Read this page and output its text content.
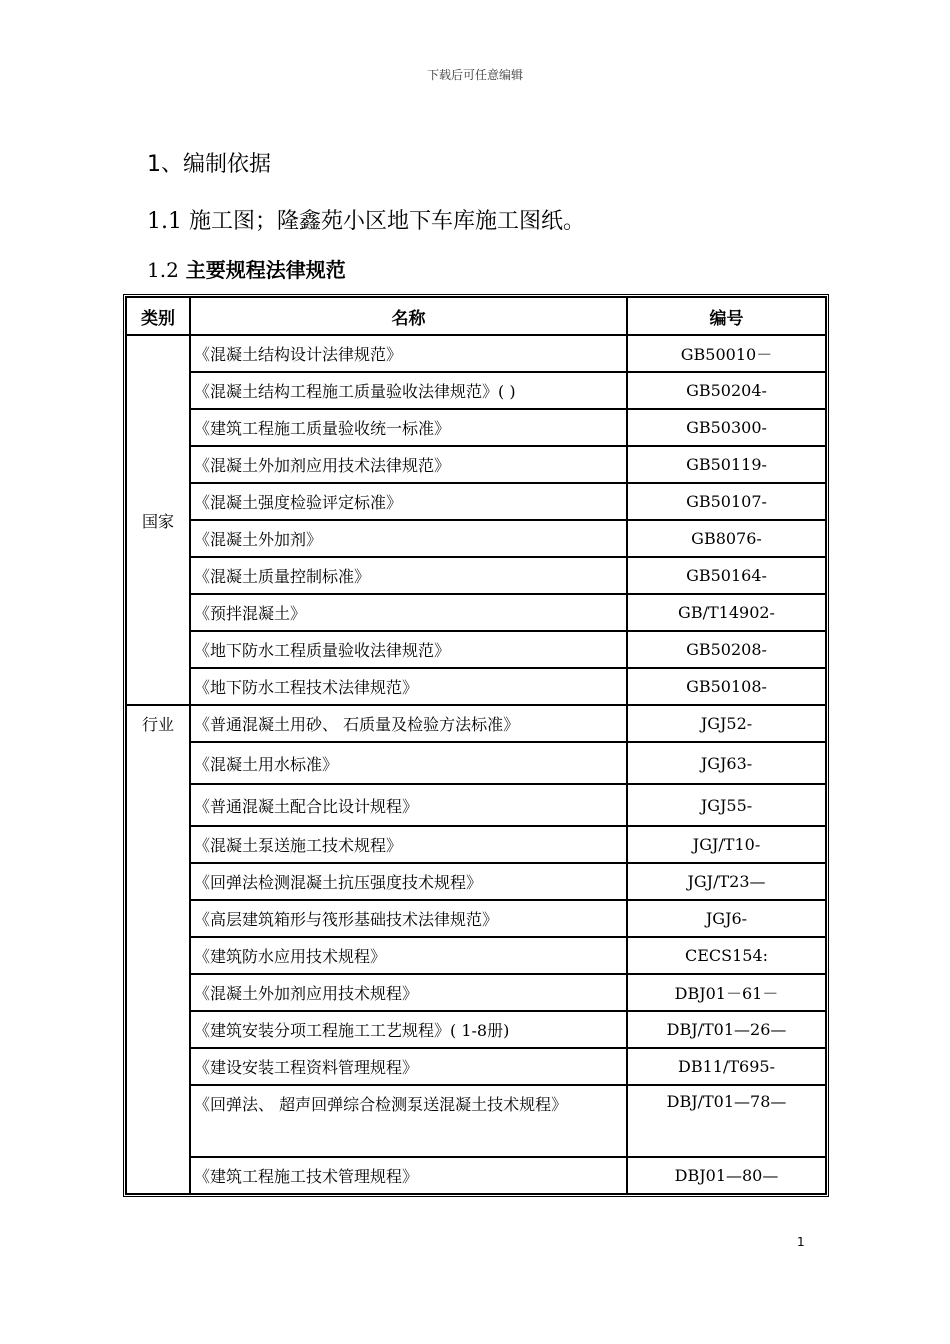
下载后可任意编辑
1、编制依据
1.1 施工图；隆鑫苑小区地下车库施工图纸。
1.2 主要规程法律规范
类别	名称	编号
国家	《混凝土结构设计法律规范》	GB50010－
	《混凝土结构工程施工质量验收法律规范》( )	GB50204-
	《建筑工程施工质量验收统一标准》	GB50300-
	《混凝土外加剂应用技术法律规范》	GB50119-
	《混凝土强度检验评定标准》	GB50107-
	《混凝土外加剂》	GB8076-
	《混凝土质量控制标准》	GB50164-
	《预拌混凝土》	GB/T14902-
	《地下防水工程质量验收法律规范》	GB50208-
	《地下防水工程技术法律规范》	GB50108-
行业	《普通混凝土用砂、 石质量及检验方法标准》	JGJ52-
	《混凝土用水标准》	JGJ63-
	《普通混凝土配合比设计规程》	JGJ55-
	《混凝土泵送施工技术规程》	JGJ/T10-
	《回弹法检测混凝土抗压强度技术规程》	JGJ/T23—
	《高层建筑箱形与筏形基础技术法律规范》	JGJ6-
	《建筑防水应用技术规程》	CECS154:
	《混凝土外加剂应用技术规程》	DBJ01－61－
	《建筑安装分项工程施工工艺规程》( 1-8册)	DBJ/T01—26—
	《建设安装工程资料管理规程》	DB11/T695-
	《回弹法、 超声回弹综合检测泵送混凝土技术规程》	DBJ/T01—78—
	《建筑工程施工技术管理规程》	DBJ01—80—
1
